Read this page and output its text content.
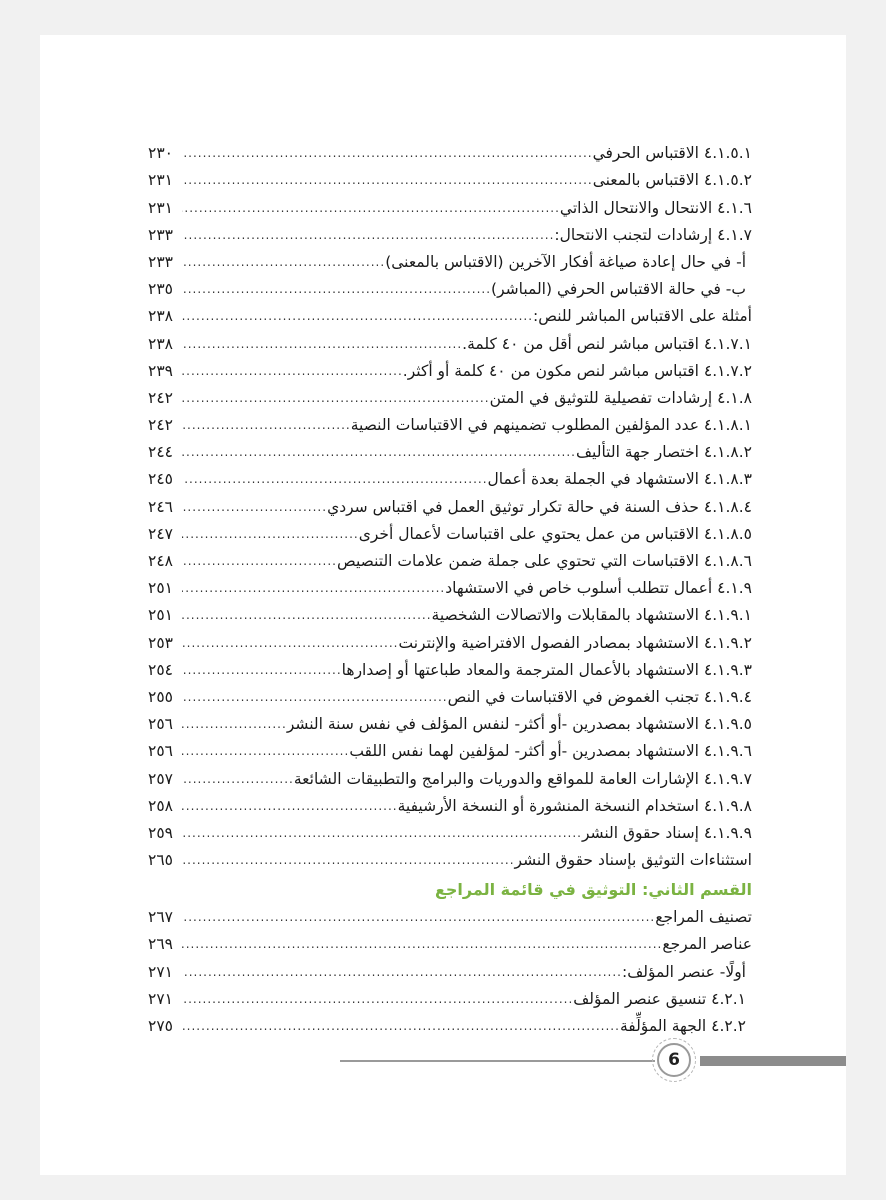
٤.١.٥.١ الاقتباس الحرفي
.....
٢٣٠
٤.١.٥.٢ الاقتباس بالمعنى
.....
٢٣١
٤.١.٦ الانتحال والانتحال الذاتي
.....
٢٣١
٤.١.٧ إرشادات لتجنب الانتحال:
.....
٢٣٣
أ- في حال إعادة صياغة أفكار الآخرين (الاقتباس بالمعنى)
.....
٢٣٣
ب- في حالة الاقتباس الحرفي (المباشر)
.....
٢٣٥
أمثلة على الاقتباس المباشر للنص:
.....
٢٣٨
٤.١.٧.١ اقتباس مباشر لنص أقل من ٤٠ كلمة.
.....
٢٣٨
٤.١.٧.٢ اقتباس مباشر لنص مكون من ٤٠ كلمة أو أكثر.
.....
٢٣٩
٤.١.٨ إرشادات تفصيلية للتوثيق في المتن
.....
٢٤٢
٤.١.٨.١ عدد المؤلفين المطلوب تضمينهم في الاقتباسات النصية
.....
٢٤٢
٤.١.٨.٢ اختصار جهة التأليف
.....
٢٤٤
٤.١.٨.٣ الاستشهاد في الجملة بعدة أعمال
.....
٢٤٥
٤.١.٨.٤ حذف السنة في حالة تكرار توثيق العمل في اقتباس سردي
.....
٢٤٦
٤.١.٨.٥ الاقتباس من عمل يحتوي على اقتباسات لأعمال أخرى
.....
٢٤٧
٤.١.٨.٦ الاقتباسات التي تحتوي على جملة ضمن علامات التنصيص
.....
٢٤٨
٤.١.٩ أعمال تتطلب أسلوب خاص في الاستشهاد
.....
٢٥١
٤.١.٩.١ الاستشهاد بالمقابلات والاتصالات الشخصية
.....
٢٥١
٤.١.٩.٢ الاستشهاد بمصادر الفصول الافتراضية والإنترنت
.....
٢٥٣
٤.١.٩.٣ الاستشهاد بالأعمال المترجمة والمعاد طباعتها أو إصدارها
.....
٢٥٤
٤.١.٩.٤ تجنب الغموض في الاقتباسات في النص
.....
٢٥٥
٤.١.٩.٥ الاستشهاد بمصدرين -أو أكثر- لنفس المؤلف في نفس سنة النشر
.....
٢٥٦
٤.١.٩.٦ الاستشهاد بمصدرين -أو أكثر- لمؤلفين لهما نفس اللقب
.....
٢٥٦
٤.١.٩.٧ الإشارات العامة للمواقع والدوريات والبرامج والتطبيقات الشائعة
.....
٢٥٧
٤.١.٩.٨ استخدام النسخة المنشورة أو النسخة الأرشيفية
.....
٢٥٨
٤.١.٩.٩ إسناد حقوق النشر
.....
٢٥٩
استثناءات التوثيق بإسناد حقوق النشر
.....
٢٦٥
القسم الثاني: التوثيق في قائمة المراجع
تصنيف المراجع
.....
٢٦٧
عناصر المرجع
.....
٢٦٩
أولًا- عنصر المؤلف:
.....
٢٧١
٤.٢.١ تنسيق عنصر المؤلف
.....
٢٧١
٤.٢.٢ الجهة المؤلِّفة
.....
٢٧٥
6
